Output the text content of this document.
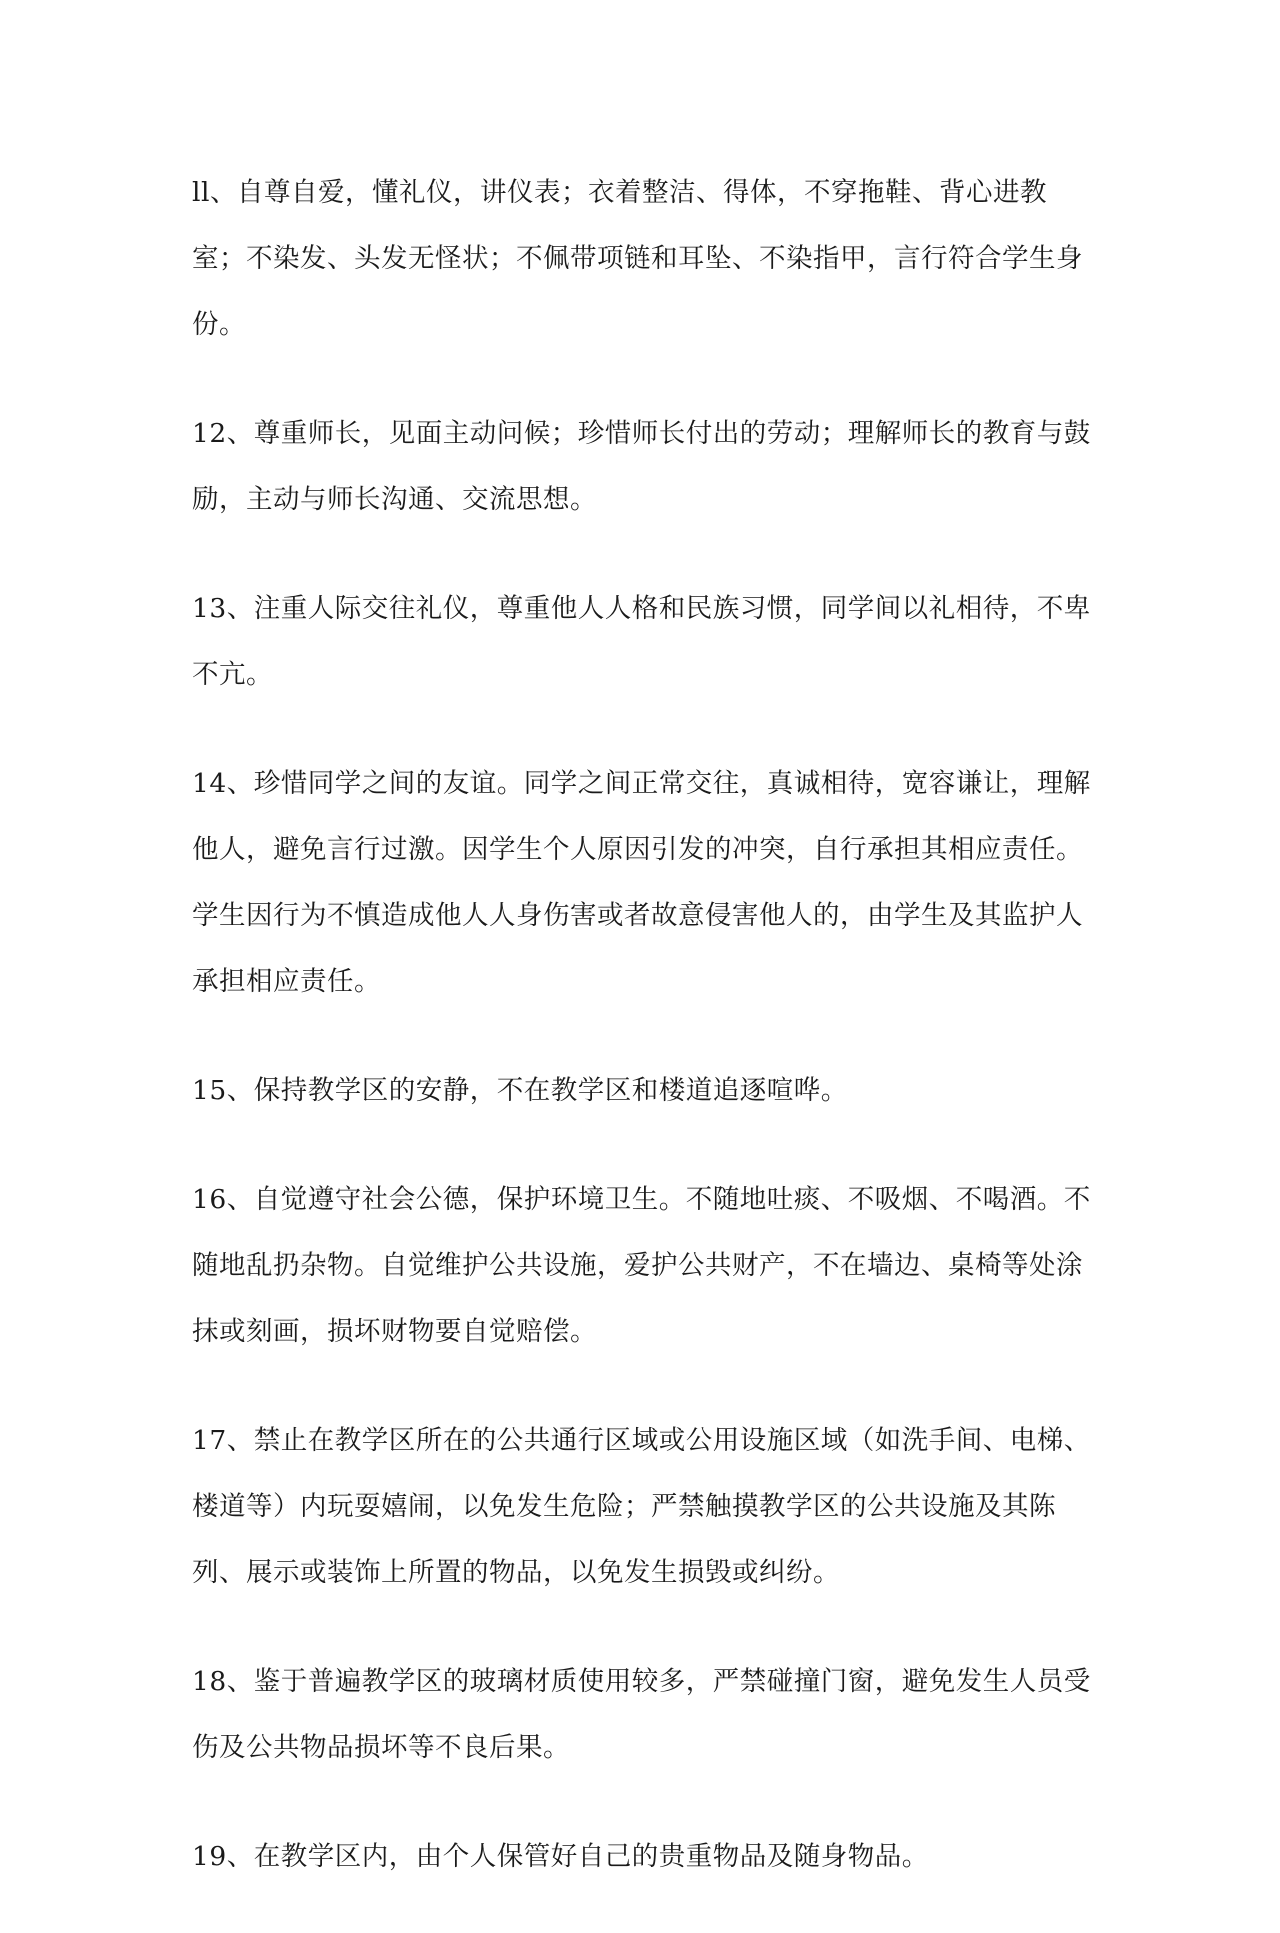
ll、自尊自爱，懂礼仪，讲仪表；衣着整洁、得体，不穿拖鞋、背心进教室；不染发、头发无怪状；不佩带项链和耳坠、不染指甲，言行符合学生身份。

12、尊重师长，见面主动问候；珍惜师长付出的劳动；理解师长的教育与鼓励，主动与师长沟通、交流思想。

13、注重人际交往礼仪，尊重他人人格和民族习惯，同学间以礼相待，不卑不亢。

14、珍惜同学之间的友谊。同学之间正常交往，真诚相待，宽容谦让，理解他人，避免言行过激。因学生个人原因引发的冲突，自行承担其相应责任。学生因行为不慎造成他人人身伤害或者故意侵害他人的，由学生及其监护人承担相应责任。

15、保持教学区的安静，不在教学区和楼道追逐喧哗。

16、自觉遵守社会公德，保护环境卫生。不随地吐痰、不吸烟、不喝酒。不随地乱扔杂物。自觉维护公共设施，爱护公共财产，不在墙边、桌椅等处涂抹或刻画，损坏财物要自觉赔偿。

17、禁止在教学区所在的公共通行区域或公用设施区域（如洗手间、电梯、楼道等）内玩耍嬉闹，以免发生危险；严禁触摸教学区的公共设施及其陈列、展示或装饰上所置的物品，以免发生损毁或纠纷。

18、鉴于普遍教学区的玻璃材质使用较多，严禁碰撞门窗，避免发生人员受伤及公共物品损坏等不良后果。

19、在教学区内，由个人保管好自己的贵重物品及随身物品。
